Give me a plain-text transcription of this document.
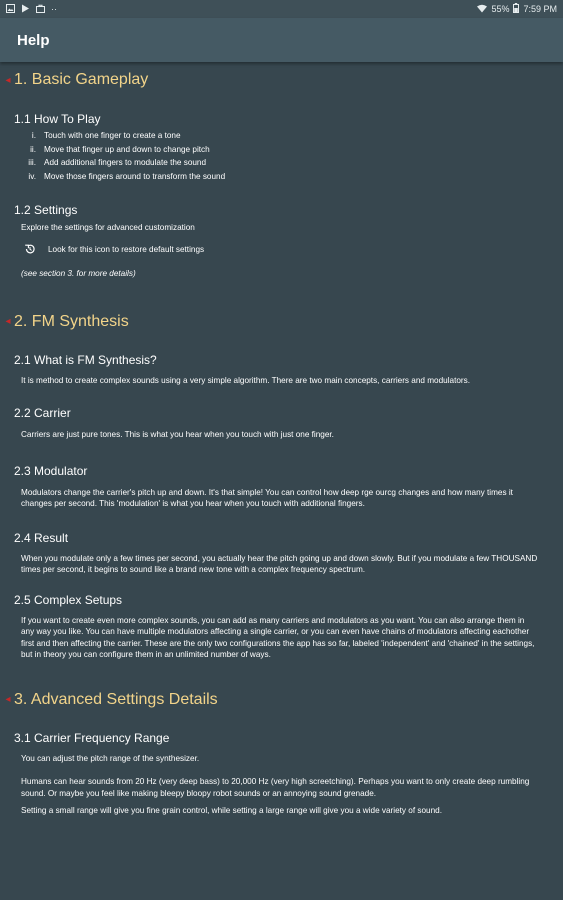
··	55% 7:59 PM
Help
◂ 1. Basic Gameplay
1.1 How To Play
i. Touch with one finger to create a tone
ii. Move that finger up and down to change pitch
iii. Add additional fingers to modulate the sound
iv. Move those fingers around to transform the sound
1.2 Settings
Explore the settings for advanced customization
Look for this icon to restore default settings
(see section 3. for more details)
◂ 2. FM Synthesis
2.1 What is FM Synthesis?
It is method to create complex sounds using a very simple algorithm. There are two main concepts, carriers and modulators.
2.2 Carrier
Carriers are just pure tones. This is what you hear when you touch with just one finger.
2.3 Modulator
Modulators change the carrier's pitch up and down. It's that simple! You can control how deep rge ourcg changes and how many times it changes per second. This 'modulation' is what you hear when you touch with additional fingers.
2.4 Result
When you modulate only a few times per second, you actually hear the pitch going up and down slowly. But if you modulate a few THOUSAND times per second, it begins to sound like a brand new tone with a complex frequency spectrum.
2.5 Complex Setups
If you want to create even more complex sounds, you can add as many carriers and modulators as you want. You can also arrange them in any way you like. You can have multiple modulators affecting a single carrier, or you can even have chains of modulators affecting eachother first and then affecting the carrier. These are the only two configurations the app has so far, labeled 'independent' and 'chained' in the settings, but in theory you can configure them in an unlimited number of ways.
◂ 3. Advanced Settings Details
3.1 Carrier Frequency Range
You can adjust the pitch range of the synthesizer.
Humans can hear sounds from 20 Hz (very deep bass) to 20,000 Hz (very high screetching). Perhaps you want to only create deep rumbling sound. Or maybe you feel like making bleepy bloopy robot sounds or an annoying sound grenade.
Setting a small range will give you fine grain control, while setting a large range will give you a wide variety of sound.
